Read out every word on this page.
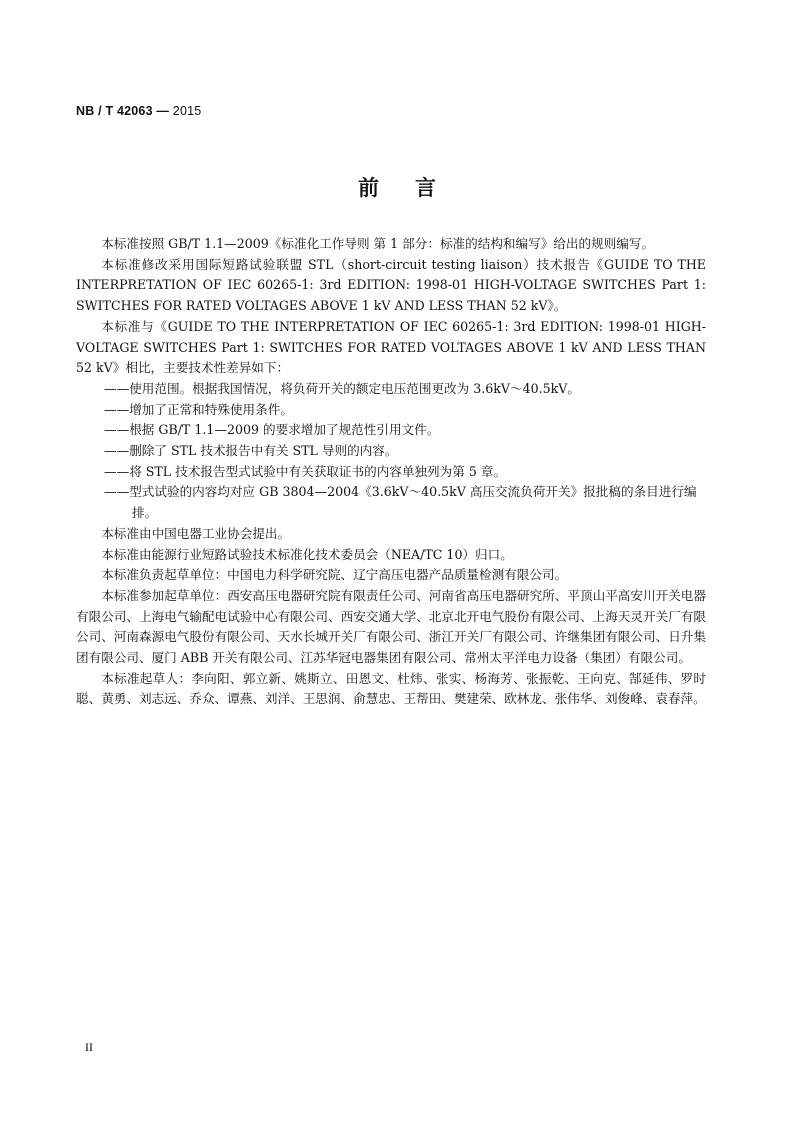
NB / T 42063 — 2015
前言

本标准按照 GB/T 1.1—2009《标准化工作导则 第 1 部分：标准的结构和编写》给出的规则编写。

本标准修改采用国际短路试验联盟 STL（short-circuit testing liaison）技术报告《GUIDE TO THE INTERPRETATION OF IEC 60265-1: 3rd EDITION: 1998-01 HIGH-VOLTAGE SWITCHES Part 1: SWITCHES FOR RATED VOLTAGES ABOVE 1 kV AND LESS THAN 52 kV》。

本标准与《GUIDE TO THE INTERPRETATION OF IEC 60265-1: 3rd EDITION: 1998-01 HIGH-VOLTAGE SWITCHES Part 1: SWITCHES FOR RATED VOLTAGES ABOVE 1 kV AND LESS THAN 52 kV》相比，主要技术性差异如下：

——使用范围。根据我国情况，将负荷开关的额定电压范围更改为 3.6kV～40.5kV。
——增加了正常和特殊使用条件。
——根据 GB/T 1.1—2009 的要求增加了规范性引用文件。
——删除了 STL 技术报告中有关 STL 导则的内容。
——将 STL 技术报告型式试验中有关获取证书的内容单独列为第 5 章。
——型式试验的内容均对应 GB 3804—2004《3.6kV～40.5kV 高压交流负荷开关》报批稿的条目进行编排。

本标准由中国电器工业协会提出。

本标准由能源行业短路试验技术标准化技术委员会（NEA/TC 10）归口。

本标准负责起草单位：中国电力科学研究院、辽宁高压电器产品质量检测有限公司。

本标准参加起草单位：西安高压电器研究院有限责任公司、河南省高压电器研究所、平顶山平高安川开关电器有限公司、上海电气输配电试验中心有限公司、西安交通大学、北京北开电气股份有限公司、上海天灵开关厂有限公司、河南森源电气股份有限公司、天水长城开关厂有限公司、浙江开关厂有限公司、许继集团有限公司、日升集团有限公司、厦门 ABB 开关有限公司、江苏华冠电器集团有限公司、常州太平洋电力设备（集团）有限公司。

本标准起草人：李向阳、郭立新、姚斯立、田恩文、杜炜、张实、杨海芳、张振乾、王向克、郜延伟、罗时聪、黄勇、刘志远、乔众、谭燕、刘洋、王思润、俞慧忠、王帮田、樊建荣、欧林龙、张伟华、刘俊峰、袁春萍。

II
